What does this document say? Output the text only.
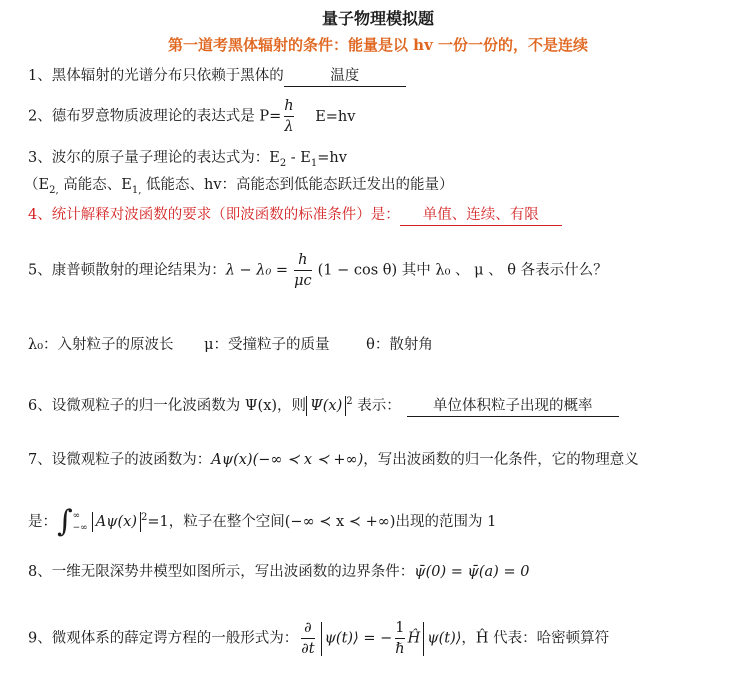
量子物理模拟题
第一道考黑体辐射的条件：能量是以 hv 一份一份的，不是连续
1、黑体辐射的光谱分布只依赖于黑体的	温度
2、德布罗意物质波理论的表达式是 $P= \frac{h}{\lambda} E=hv$
3、波尔的原子量子理论的表达式为：$E_2 - E_1=hv$
（$E_{2,}$ 高能态、$E_{1,}$ 低能态、hv：高能态到低能态跃迁发出的能量）
4、统计解释对波函数的要求（即波函数的标准条件）是： 单值、连续、有限
5、康普顿散射的理论结果为：$\lambda - \lambda_0 = \frac{h}{\mu c} (1 - \cos \theta)$ 其中 λ₀ 、 μ 、 θ 各表示什么？
λ₀：入射粒子的原波长 μ：受撞粒子的质量	θ：散射角
6、设微观粒子的归一化波函数为 Ψ(x)，则 Ψ(x) $^2$ 表示： 单位体积粒子出现的概率
7、设微观粒子的波函数为：Aψ(x)(−∞ ≺ x ≺ +∞)，写出波函数的归一化条件，它的物理意义
是：∫ ∞
−∞ Aψ(x) $^2$=1，粒子在整个空间(−∞ ≺ x ≺ +∞)出现的范围为 1
8、一维无限深势井模型如图所示，写出波函数的边界条件：ψ̄(0) = ψ̄(a) = 0
9、微观体系的薛定谔方程的一般形式为： $\frac{\partial}{\partial t}$ ψ(t)⟩ = − $\frac{1}{\text{ℏ}}$ Ĥ ψ(t)⟩，Ĥ 代表：哈密顿算符
